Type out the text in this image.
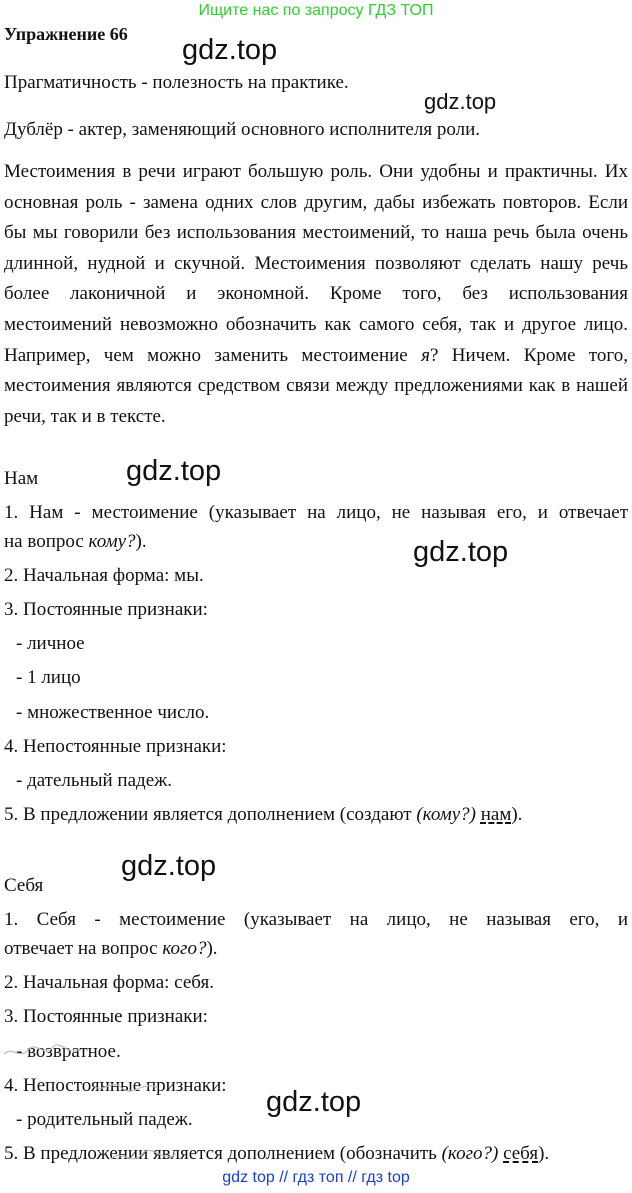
Ищите нас по запросу ГДЗ ТОП
Упражнение 66
Прагматичность - полезность на практике.
Дублёр - актер, заменяющий основного исполнителя роли.

Местоимения в речи играют большую роль. Они удобны и практичны. Их основная роль - замена одних слов другим, дабы избежать повторов. Если бы мы говорили без использования местоимений, то наша речь была очень длинной, нудной и скучной. Местоимения позволяют сделать нашу речь более лаконичной и экономной. Кроме того, без использования местоимений невозможно обозначить как самого себя, так и другое лицо. Например, чем можно заменить местоимение я? Ничем. Кроме того, местоимения являются средством связи между предложениями как в нашей речи, так и в тексте.

Нам
1. Нам - местоимение (указывает на лицо, не называя его, и отвечает
на вопрос кому?).
2. Начальная форма: мы.
3. Постоянные признаки:
- личное
- 1 лицо
- множественное число.
4. Непостоянные признаки:
- дательный падеж.
5. В предложении является дополнением (создают (кому?) нам).
Себя
1. Себя - местоимение (указывает на лицо, не называя его, и
отвечает на вопрос кого?).
2. Начальная форма: себя.
3. Постоянные признаки:
- возвратное.
4. Непостоянные признаки:
- родительный падеж.
5. В предложении является дополнением (обозначить (кого?) себя).
gdz.top
gdz.top
gdz.top
gdz.top
gdz.top
gdz.top
gdz top // гдз топ // гдз top
